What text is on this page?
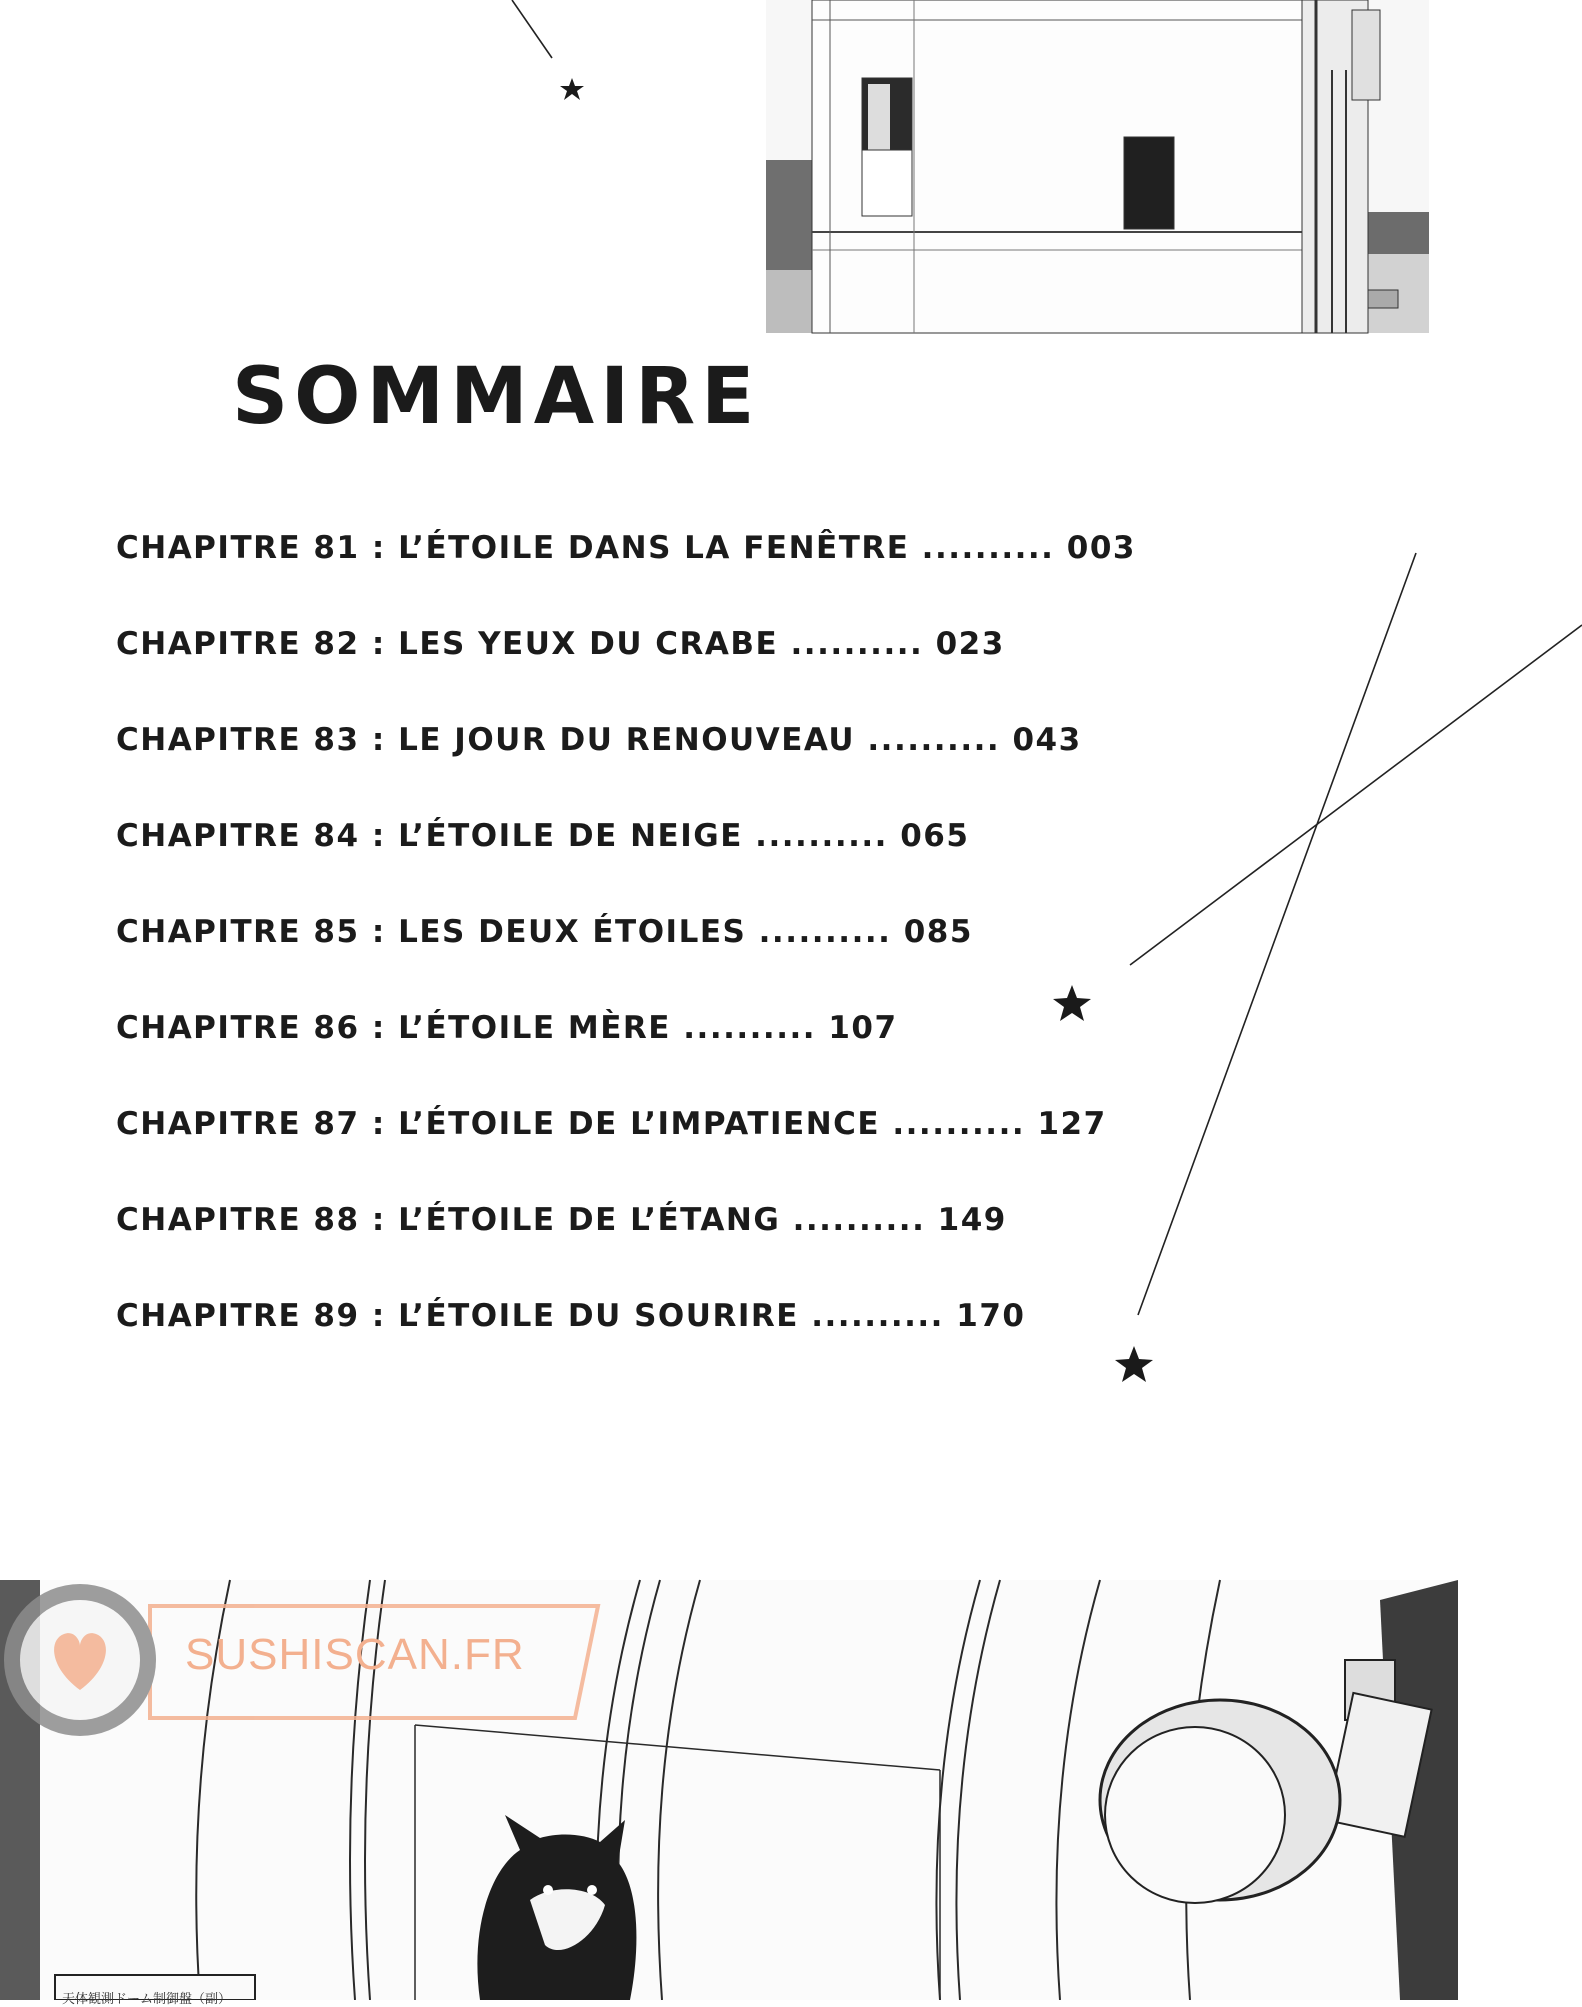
天体観測ドーム制御盤（副）
SUSHISCAN.FR
SOMMAIRE
CHAPITRE 81 : L’ÉTOILE DANS LA FENÊTRE .......... 003
CHAPITRE 82 : LES YEUX DU CRABE .......... 023
CHAPITRE 83 : LE JOUR DU RENOUVEAU .......... 043
CHAPITRE 84 : L’ÉTOILE DE NEIGE .......... 065
CHAPITRE 85 : LES DEUX ÉTOILES .......... 085
CHAPITRE 86 : L’ÉTOILE MÈRE .......... 107
CHAPITRE 87 : L’ÉTOILE DE L’IMPATIENCE .......... 127
CHAPITRE 88 : L’ÉTOILE DE L’ÉTANG .......... 149
CHAPITRE 89 : L’ÉTOILE DU SOURIRE .......... 170
